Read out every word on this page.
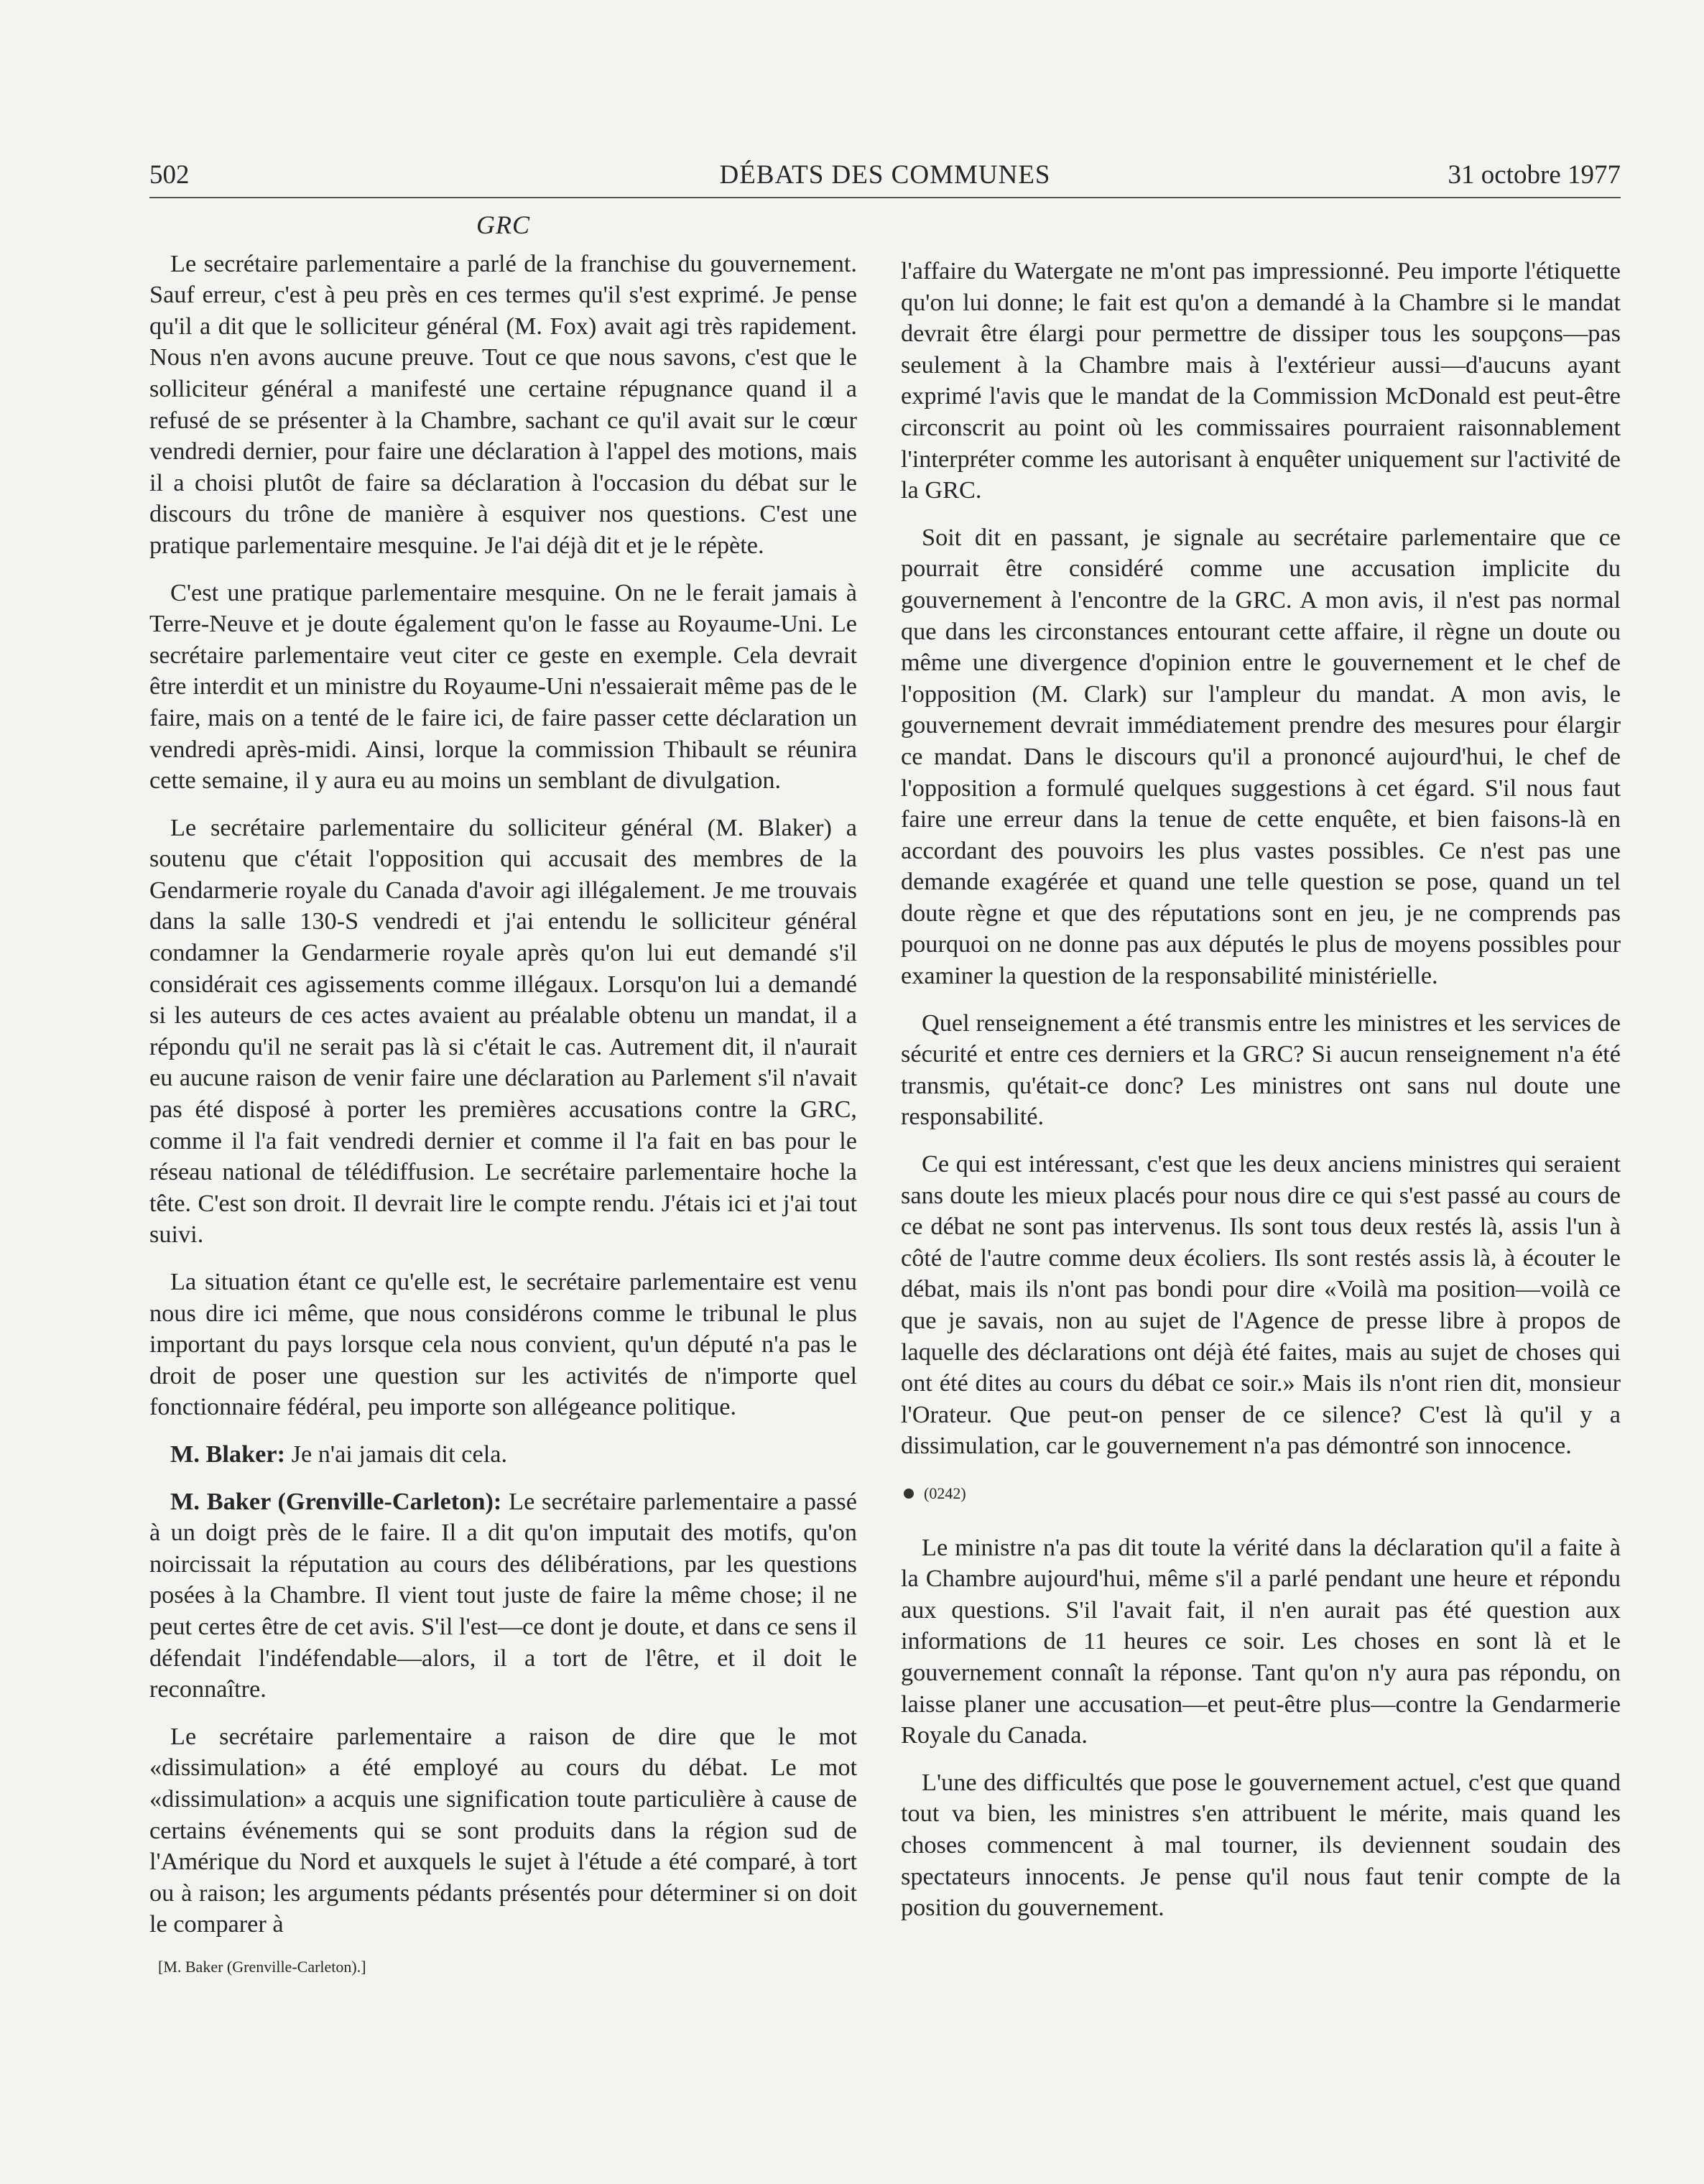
502	DÉBATS DES COMMUNES	31 octobre 1977
GRC

Le secrétaire parlementaire a parlé de la franchise du gouvernement. Sauf erreur, c'est à peu près en ces termes qu'il s'est exprimé. Je pense qu'il a dit que le solliciteur général (M. Fox) avait agi très rapidement. Nous n'en avons aucune preuve. Tout ce que nous savons, c'est que le solliciteur général a manifesté une certaine répugnance quand il a refusé de se présenter à la Chambre, sachant ce qu'il avait sur le cœur vendredi dernier, pour faire une déclaration à l'appel des motions, mais il a choisi plutôt de faire sa déclaration à l'occasion du débat sur le discours du trône de manière à esquiver nos questions. C'est une pratique parlementaire mesquine. Je l'ai déjà dit et je le répète.

C'est une pratique parlementaire mesquine. On ne le ferait jamais à Terre-Neuve et je doute également qu'on le fasse au Royaume-Uni. Le secrétaire parlementaire veut citer ce geste en exemple. Cela devrait être interdit et un ministre du Royaume-Uni n'essaierait même pas de le faire, mais on a tenté de le faire ici, de faire passer cette déclaration un vendredi après-midi. Ainsi, lorque la commission Thibault se réunira cette semaine, il y aura eu au moins un semblant de divulgation.

Le secrétaire parlementaire du solliciteur général (M. Blaker) a soutenu que c'était l'opposition qui accusait des membres de la Gendarmerie royale du Canada d'avoir agi illégalement. Je me trouvais dans la salle 130-S vendredi et j'ai entendu le solliciteur général condamner la Gendarmerie royale après qu'on lui eut demandé s'il considérait ces agissements comme illégaux. Lorsqu'on lui a demandé si les auteurs de ces actes avaient au préalable obtenu un mandat, il a répondu qu'il ne serait pas là si c'était le cas. Autrement dit, il n'aurait eu aucune raison de venir faire une déclaration au Parlement s'il n'avait pas été disposé à porter les premières accusations contre la GRC, comme il l'a fait vendredi dernier et comme il l'a fait en bas pour le réseau national de télédiffusion. Le secrétaire parlementaire hoche la tête. C'est son droit. Il devrait lire le compte rendu. J'étais ici et j'ai tout suivi.

La situation étant ce qu'elle est, le secrétaire parlementaire est venu nous dire ici même, que nous considérons comme le tribunal le plus important du pays lorsque cela nous convient, qu'un député n'a pas le droit de poser une question sur les activités de n'importe quel fonctionnaire fédéral, peu importe son allégeance politique.

M. Blaker: Je n'ai jamais dit cela.

M. Baker (Grenville-Carleton): Le secrétaire parlementaire a passé à un doigt près de le faire. Il a dit qu'on imputait des motifs, qu'on noircissait la réputation au cours des délibérations, par les questions posées à la Chambre. Il vient tout juste de faire la même chose; il ne peut certes être de cet avis. S'il l'est—ce dont je doute, et dans ce sens il défendait l'indéfendable—alors, il a tort de l'être, et il doit le reconnaître.

Le secrétaire parlementaire a raison de dire que le mot «dissimulation» a été employé au cours du débat. Le mot «dissimulation» a acquis une signification toute particulière à cause de certains événements qui se sont produits dans la région sud de l'Amérique du Nord et auxquels le sujet à l'étude a été comparé, à tort ou à raison; les arguments pédants présentés pour déterminer si on doit le comparer à

[M. Baker (Grenville-Carleton).]

l'affaire du Watergate ne m'ont pas impressionné. Peu importe l'étiquette qu'on lui donne; le fait est qu'on a demandé à la Chambre si le mandat devrait être élargi pour permettre de dissiper tous les soupçons—pas seulement à la Chambre mais à l'extérieur aussi—d'aucuns ayant exprimé l'avis que le mandat de la Commission McDonald est peut-être circonscrit au point où les commissaires pourraient raisonnablement l'interpréter comme les autorisant à enquêter uniquement sur l'activité de la GRC.

Soit dit en passant, je signale au secrétaire parlementaire que ce pourrait être considéré comme une accusation implicite du gouvernement à l'encontre de la GRC. A mon avis, il n'est pas normal que dans les circonstances entourant cette affaire, il règne un doute ou même une divergence d'opinion entre le gouvernement et le chef de l'opposition (M. Clark) sur l'ampleur du mandat. A mon avis, le gouvernement devrait immédiatement prendre des mesures pour élargir ce mandat. Dans le discours qu'il a prononcé aujourd'hui, le chef de l'opposition a formulé quelques suggestions à cet égard. S'il nous faut faire une erreur dans la tenue de cette enquête, et bien faisons-là en accordant des pouvoirs les plus vastes possibles. Ce n'est pas une demande exagérée et quand une telle question se pose, quand un tel doute règne et que des réputations sont en jeu, je ne comprends pas pourquoi on ne donne pas aux députés le plus de moyens possibles pour examiner la question de la responsabilité ministérielle.

Quel renseignement a été transmis entre les ministres et les services de sécurité et entre ces derniers et la GRC? Si aucun renseignement n'a été transmis, qu'était-ce donc? Les ministres ont sans nul doute une responsabilité.

Ce qui est intéressant, c'est que les deux anciens ministres qui seraient sans doute les mieux placés pour nous dire ce qui s'est passé au cours de ce débat ne sont pas intervenus. Ils sont tous deux restés là, assis l'un à côté de l'autre comme deux écoliers. Ils sont restés assis là, à écouter le débat, mais ils n'ont pas bondi pour dire «Voilà ma position—voilà ce que je savais, non au sujet de l'Agence de presse libre à propos de laquelle des déclarations ont déjà été faites, mais au sujet de choses qui ont été dites au cours du débat ce soir.» Mais ils n'ont rien dit, monsieur l'Orateur. Que peut-on penser de ce silence? C'est là qu'il y a dissimulation, car le gouvernement n'a pas démontré son innocence.

(0242)

Le ministre n'a pas dit toute la vérité dans la déclaration qu'il a faite à la Chambre aujourd'hui, même s'il a parlé pendant une heure et répondu aux questions. S'il l'avait fait, il n'en aurait pas été question aux informations de 11 heures ce soir. Les choses en sont là et le gouvernement connaît la réponse. Tant qu'on n'y aura pas répondu, on laisse planer une accusation—et peut-être plus—contre la Gendarmerie Royale du Canada.

L'une des difficultés que pose le gouvernement actuel, c'est que quand tout va bien, les ministres s'en attribuent le mérite, mais quand les choses commencent à mal tourner, ils deviennent soudain des spectateurs innocents. Je pense qu'il nous faut tenir compte de la position du gouvernement.
